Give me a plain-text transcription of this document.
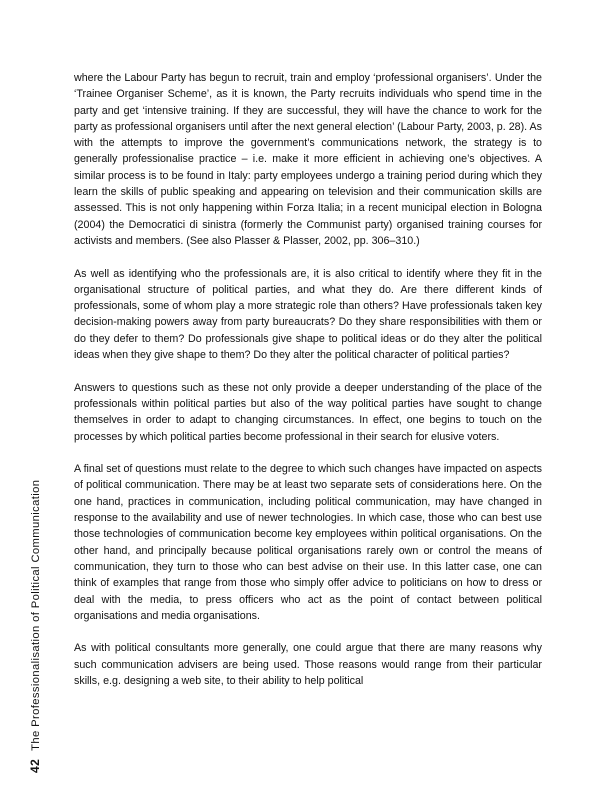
where the Labour Party has begun to recruit, train and employ ‘professional organisers’. Under the ‘Trainee Organiser Scheme’, as it is known, the Party recruits individuals who spend time in the party and get ‘intensive training. If they are successful, they will have the chance to work for the party as professional organisers until after the next general election’ (Labour Party, 2003, p. 28). As with the attempts to improve the government’s communications network, the strategy is to generally professionalise practice – i.e. make it more efficient in achieving one’s objectives. A similar process is to be found in Italy: party employees undergo a training period during which they learn the skills of public speaking and appearing on television and their communication skills are assessed. This is not only happening within Forza Italia; in a recent municipal election in Bologna (2004) the Democratici di sinistra (formerly the Communist party) organised training courses for activists and members. (See also Plasser & Plasser, 2002, pp. 306–310.)

As well as identifying who the professionals are, it is also critical to identify where they fit in the organisational structure of political parties, and what they do. Are there different kinds of professionals, some of whom play a more strategic role than others? Have professionals taken key decision-making powers away from party bureaucrats? Do they share responsibilities with them or do they defer to them? Do professionals give shape to political ideas or do they alter the political ideas when they give shape to them? Do they alter the political character of political parties?

Answers to questions such as these not only provide a deeper understanding of the place of the professionals within political parties but also of the way political parties have sought to change themselves in order to adapt to changing circumstances. In effect, one begins to touch on the processes by which political parties become professional in their search for elusive voters.

A final set of questions must relate to the degree to which such changes have impacted on aspects of political communication. There may be at least two separate sets of considerations here. On the one hand, practices in communication, including political communication, may have changed in response to the availability and use of newer technologies. In which case, those who can best use those technologies of communication become key employees within political organisations. On the other hand, and principally because political organisations rarely own or control the means of communication, they turn to those who can best advise on their use. In this latter case, one can think of examples that range from those who simply offer advice to politicians on how to dress or deal with the media, to press officers who act as the point of contact between political organisations and media organisations.

As with political consultants more generally, one could argue that there are many reasons why such communication advisers are being used. Those reasons would range from their particular skills, e.g. designing a web site, to their ability to help political

42
The Professionalisation of Political Communication
